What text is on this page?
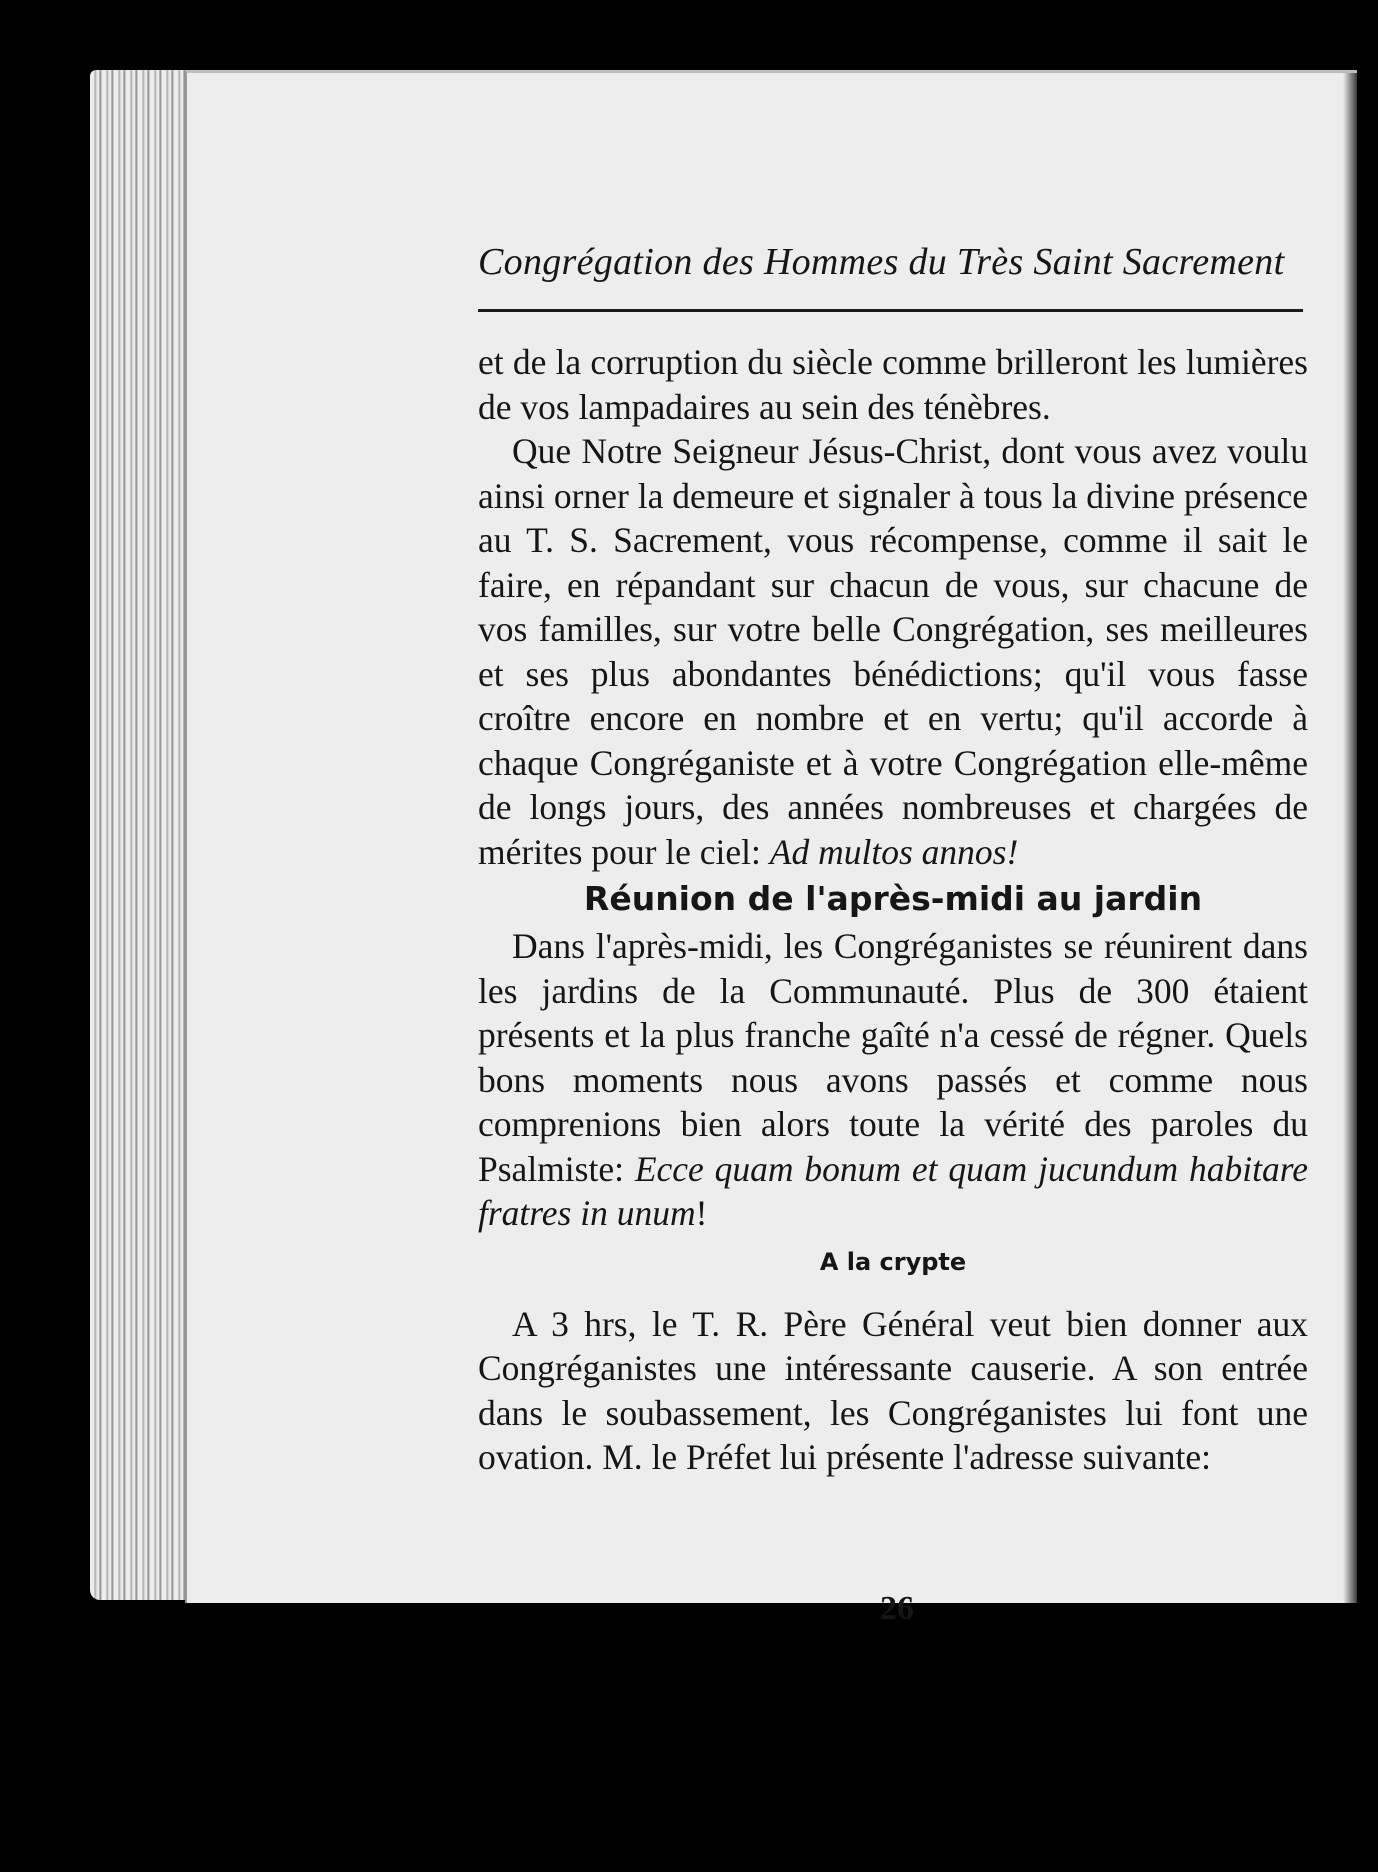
Congrégation des Hommes du Très Saint Sacrement

et de la corruption du siècle comme brilleront les lumières de vos lampadaires au sein des ténèbres.

Que Notre Seigneur Jésus-Christ, dont vous avez voulu ainsi orner la demeure et signaler à tous la divine présence au T. S. Sacrement, vous récompense, comme il sait le faire, en répandant sur chacun de vous, sur chacune de vos familles, sur votre belle Congrégation, ses meilleures et ses plus abondantes bénédictions; qu'il vous fasse croître encore en nombre et en vertu; qu'il accorde à chaque Congréganiste et à votre Congrégation elle-même de longs jours, des années nombreuses et chargées de mérites pour le ciel: Ad multos annos!

Réunion de l'après-midi au jardin

Dans l'après-midi, les Congréganistes se réunirent dans les jardins de la Communauté. Plus de 300 étaient présents et la plus franche gaîté n'a cessé de régner. Quels bons moments nous avons passés et comme nous comprenions bien alors toute la vérité des paroles du Psalmiste: Ecce quam bonum et quam jucundum habitare fratres in unum!

A la crypte

A 3 hrs, le T. R. Père Général veut bien donner aux Congréganistes une intéressante causerie. A son entrée dans le soubassement, les Congréganistes lui font une ovation. M. le Préfet lui présente l'adresse suivante:

26
